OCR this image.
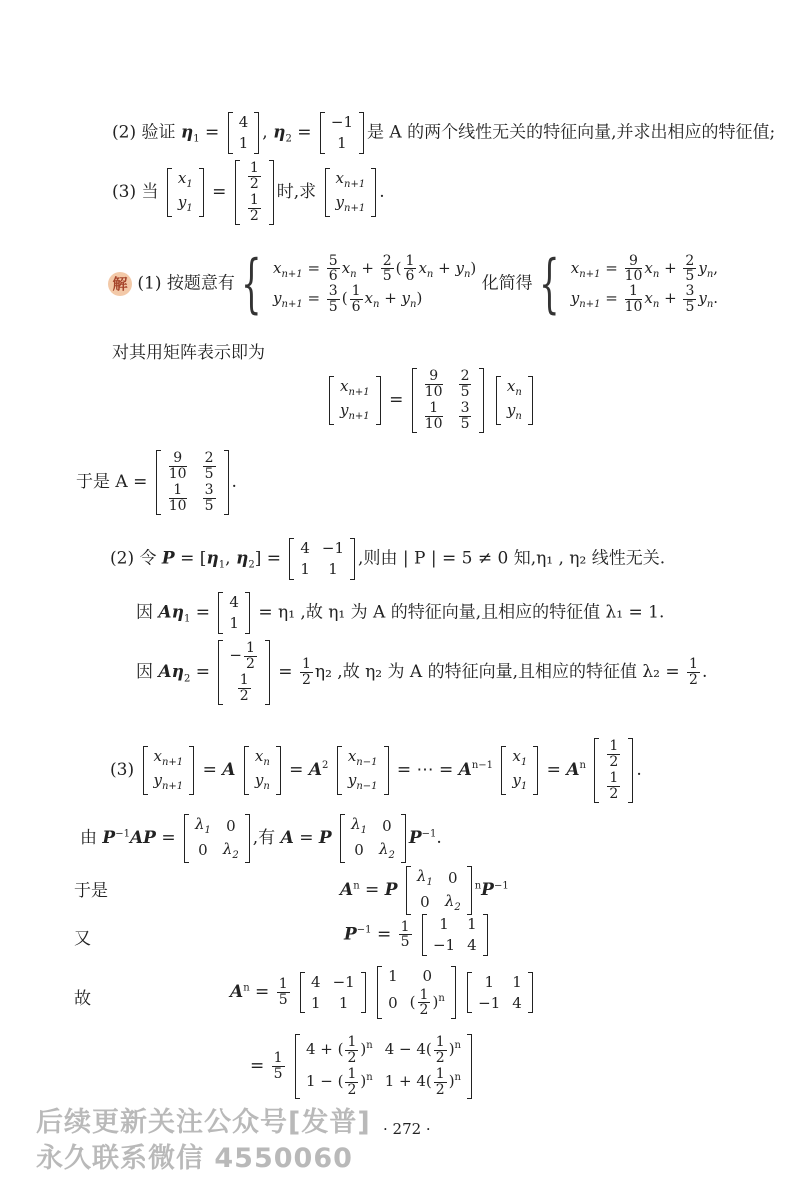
(2) 验证 $\eta_1$ =
4
1
, $\eta_2$ =
−1
1
是 A 的两个线性无关的特征向量,并求出相应的特征值;
(3) 当
$x_1$
$y_1$
=
$\frac{1}{2}$

$\frac{1}{2}$
时,求
$x_{n+1}$
$y_{n+1}$
.
解 (1) 按题意有{ $x_{n+1} = \frac{5}{6} x_n + \frac{2}{5}$ ( $\frac{1}{6} x_n + y_n$)
$y_{n+1} = \frac{3}{5}$ ( $\frac{1}{6} x_n + y_n$) 化简得{ $x_{n+1} = \frac{9}{10} x_n + \frac{2}{5} y_n$,
$y_{n+1} = \frac{1}{10} x_n + \frac{3}{5} y_n$.
对其用矩阵表示即为
$x_{n+1}$
$y_{n+1}$
=
$\frac{9}{10}$	$\frac{2}{5}$

$\frac{1}{10}$	$\frac{3}{5}$

$x_n$
$y_n$
于是 A =
$\frac{9}{10}$	$\frac{2}{5}$

$\frac{1}{10}$	$\frac{3}{5}$
.
(2) 令 $P = [\eta_1$, $\eta_2$] =
4	−1
1	1
,则由 | P | = 5 ≠ 0 知,η₁ , η₂ 线性无关.
因 $A\eta_1$ =
4
1
= η₁ ,故 η₁ 为 A 的特征向量,且相应的特征值 λ₁ = 1.
因 $A\eta_2$ =
− $\frac{1}{2}$

$\frac{1}{2}$
= $\frac{1}{2} \eta_2$ ,故 η₂ 为 A 的特征向量,且相应的特征值 $\lambda_2 = \frac{1}{2}$ .
(3)
$x_{n+1}$
$y_{n+1}$
= A
$x_n$
$y_n$
= $A^2$
$x_{n-1}$
$y_{n-1}$
= ⋯ = $A^{n-1}$
$x_1$
$y_1$
= $A^n \frac{1}{2}$

$\frac{1}{2}$
.
由 $P^{-1}AP$ =
$\lambda_1$	0
0	$\lambda_2$
,有 A = P
$\lambda_1$	0
0	$\lambda_2$
$P^{-1}$.
于是	$A^n = P$
$\lambda_1$	0
0	$\lambda_2$
$^nP^{-1}$
又	$P^{-1} = \frac{1}{5}$
1	1
−1	4
故	$A^n = \frac{1}{5}$
4	−1
1	1

1	0
0	( $\frac{1}{2} )^n$

1	1
−1	4
= $\frac{1}{5}$

4 + ( $\frac{1}{2} )^n$	$4 - 4( \frac{1}{2} )^n$
1 − ( $\frac{1}{2} )^n$	$1 + 4( \frac{1}{2} )^n$
· 272 ·
后续更新关注公众号[发普]
永久联系微信 4550060
